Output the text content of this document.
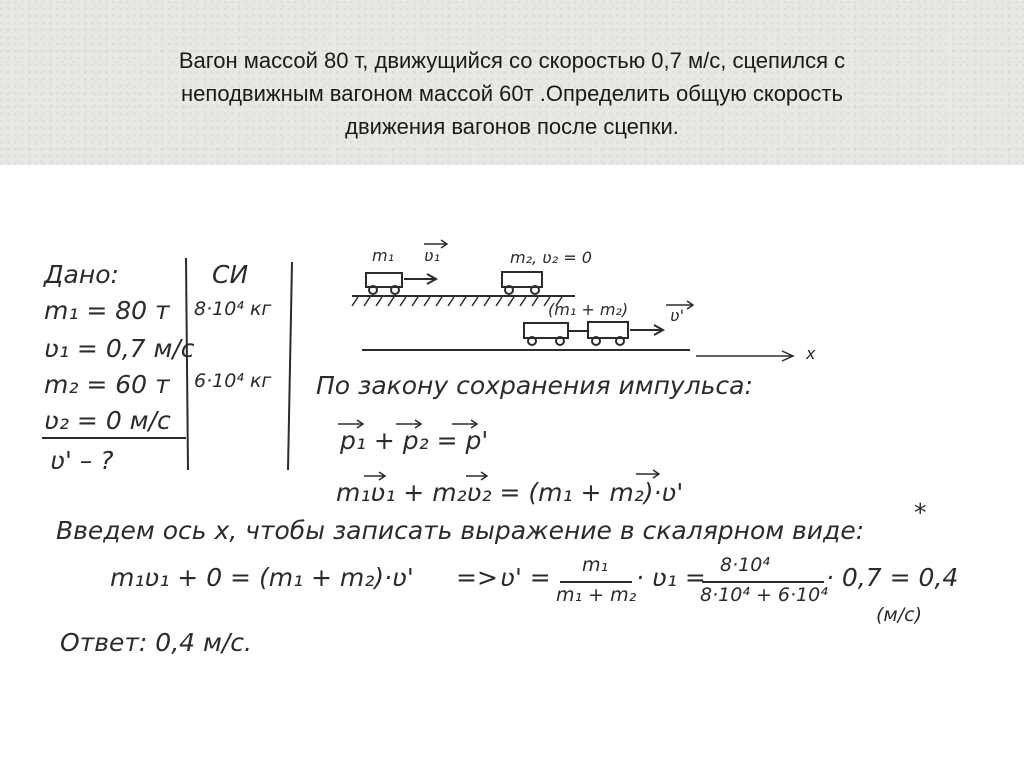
Вагон массой 80 т, движущийся со скоростью 0,7 м/с, сцепился с
неподвижным вагоном массой 60т .Определить общую скорость
движения вагонов после сцепки.
Дано:
m₁ = 80 т
ʋ₁ = 0,7 м/с
m₂ = 60 т
ʋ₂ = 0 м/с
ʋ' – ?
СИ
8·10⁴ кг
6·10⁴ кг
m₁ ʋ₁	m₂, ʋ₂ = 0
(m₁ + m₂)	ʋ'
x
По закону сохранения импульса:
p₁ + p₂ = p'
m₁ʋ₁ + m₂ʋ₂ = (m₁ + m₂)·ʋ'
Введем ось x, чтобы записать выражение в скалярном виде:
*
m₁ʋ₁ + 0 = (m₁ + m₂)·ʋ' => ʋ' = m₁
m₁ + m₂
· ʋ₁ = 8·10⁴
8·10⁴ + 6·10⁴
· 0,7 = 0,4
(м/с)
Ответ: 0,4 м/с.
